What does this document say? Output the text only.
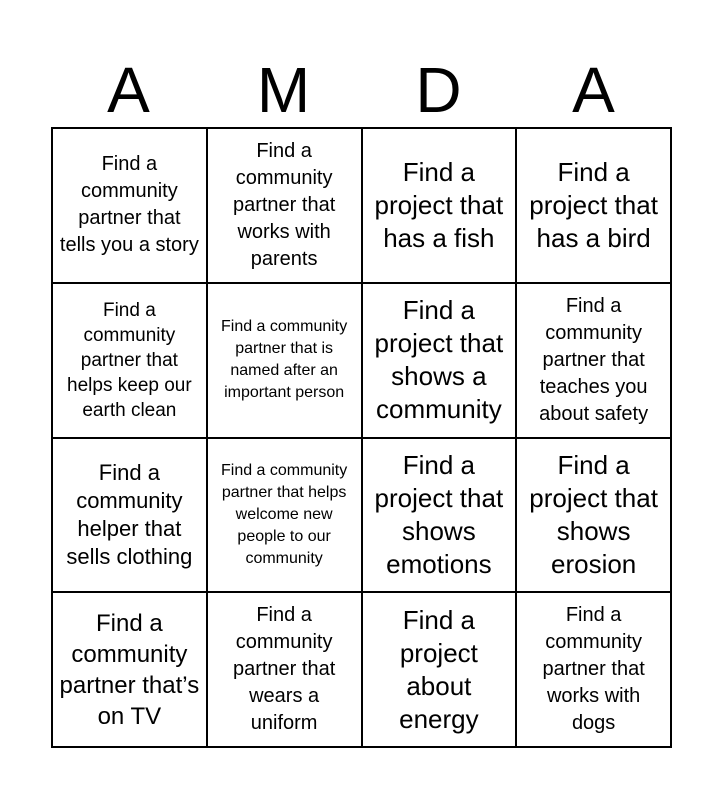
A	M	D	A
Find a community partner that tells you a story
Find a community partner that works with parents
Find a project that has a fish
Find a project that has a bird
Find a community partner that helps keep our earth clean
Find a community partner that is named after an important person
Find a project that shows a community
Find a community partner that teaches you about safety
Find a community helper that sells clothing
Find a community partner that helps welcome new people to our community
Find a project that shows emotions
Find a project that shows erosion
Find a community partner that’s on TV
Find a community partner that wears a uniform
Find a project about energy
Find a community partner that works with dogs
